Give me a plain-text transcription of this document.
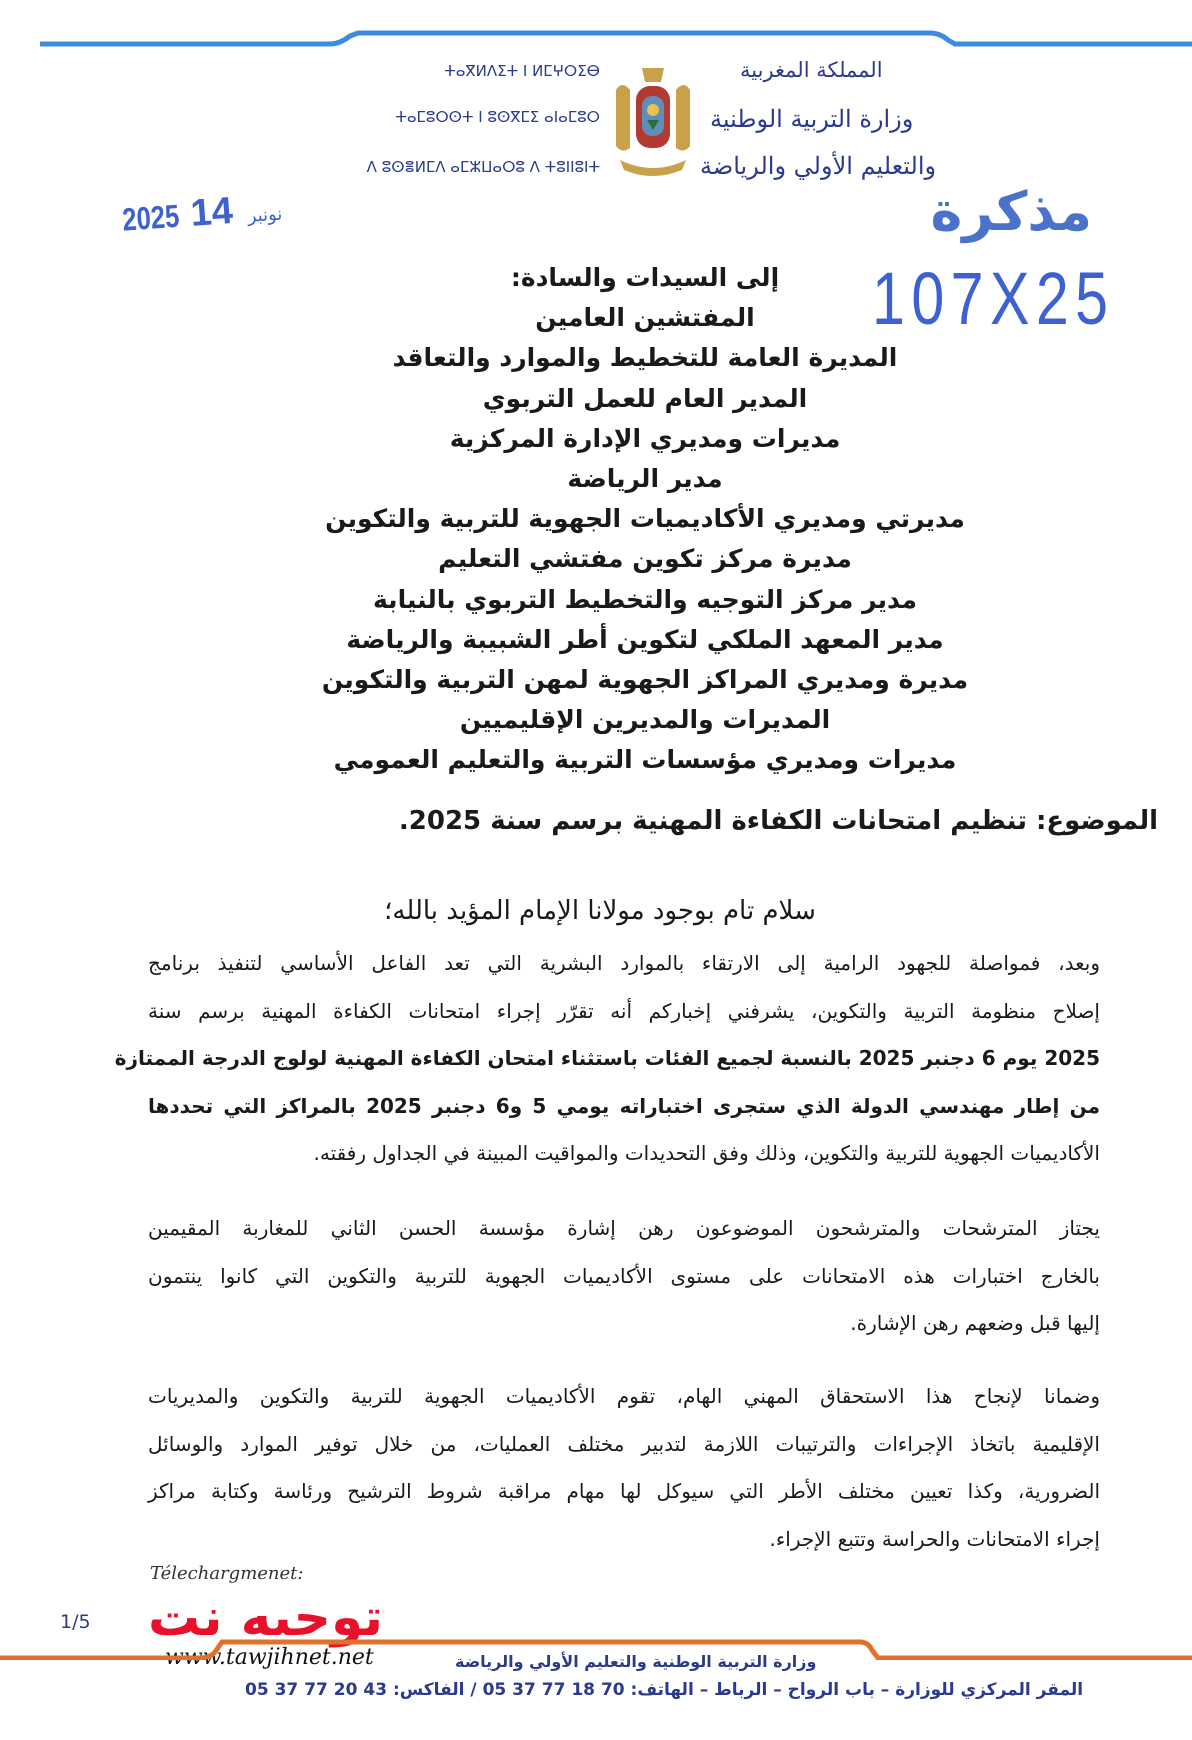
ⵜⴰⴳⵍⴷⵉⵜ ⵏ ⵍⵎⵖⵔⵉⴱ
ⵜⴰⵎⵓⵔⵙⵜ ⵏ ⵓⵙⴳⵎⵉ ⴰⵏⴰⵎⵓⵔ
ⴷ ⵓⵙⴻⵍⵎⴷ ⴰⵎⵣⵡⴰⵔⵓ ⴷ ⵜⵓⵏⵏⵓⵏⵜ
المملكة المغربية
وزارة التربية الوطنية
والتعليم الأولي والرياضة
مذكرة
107X25
2025	نونبر 14
إلى السيدات والسادة:
المفتشين العامين
المديرة العامة للتخطيط والموارد والتعاقد
المدير العام للعمل التربوي
مديرات ومديري الإدارة المركزية
مدير الرياضة
مديرتي ومديري الأكاديميات الجهوية للتربية والتكوين
مديرة مركز تكوين مفتشي التعليم
مدير مركز التوجيه والتخطيط التربوي بالنيابة
مدير المعهد الملكي لتكوين أطر الشبيبة والرياضة
مديرة ومديري المراكز الجهوية لمهن التربية والتكوين
المديرات والمديرين الإقليميين
مديرات ومديري مؤسسات التربية والتعليم العمومي
الموضوع: تنظيم امتحانات الكفاءة المهنية برسم سنة 2025.
سلام تام بوجود مولانا الإمام المؤيد بالله؛
وبعد، فمواصلة للجهود الرامية إلى الارتقاء بالموارد البشرية التي تعد الفاعل الأساسي لتنفيذ برنامج
إصلاح منظومة التربية والتكوين، يشرفني إخباركم أنه تقرّر إجراء امتحانات الكفاءة المهنية برسم سنة
2025 يوم 6 دجنبر 2025 بالنسبة لجميع الفئات باستثناء امتحان الكفاءة المهنية لولوج الدرجة الممتازة
من إطار مهندسي الدولة الذي ستجرى اختباراته يومي 5 و6 دجنبر 2025 بالمراكز التي تحددها
الأكاديميات الجهوية للتربية والتكوين، وذلك وفق التحديدات والمواقيت المبينة في الجداول رفقته.
يجتاز المترشحات والمترشحون الموضوعون رهن إشارة مؤسسة الحسن الثاني للمغاربة المقيمين
بالخارج اختبارات هذه الامتحانات على مستوى الأكاديميات الجهوية للتربية والتكوين التي كانوا ينتمون
إليها قبل وضعهم رهن الإشارة.
وضمانا لإنجاح هذا الاستحقاق المهني الهام، تقوم الأكاديميات الجهوية للتربية والتكوين والمديريات
الإقليمية باتخاذ الإجراءات والترتيبات اللازمة لتدبير مختلف العمليات، من خلال توفير الموارد والوسائل
الضرورية، وكذا تعيين مختلف الأطر التي سيوكل لها مهام مراقبة شروط الترشيح ورئاسة وكتابة مراكز
إجراء الامتحانات والحراسة وتتبع الإجراء.
Télechargmenet:
توجيه نت
www.tawjihnet.net
1/5
وزارة التربية الوطنية والتعليم الأولي والرياضة
المقر المركزي للوزارة – باب الرواح – الرباط – الهاتف: 70 18 77 37 05 / الفاكس: 43 20 77 37 05
